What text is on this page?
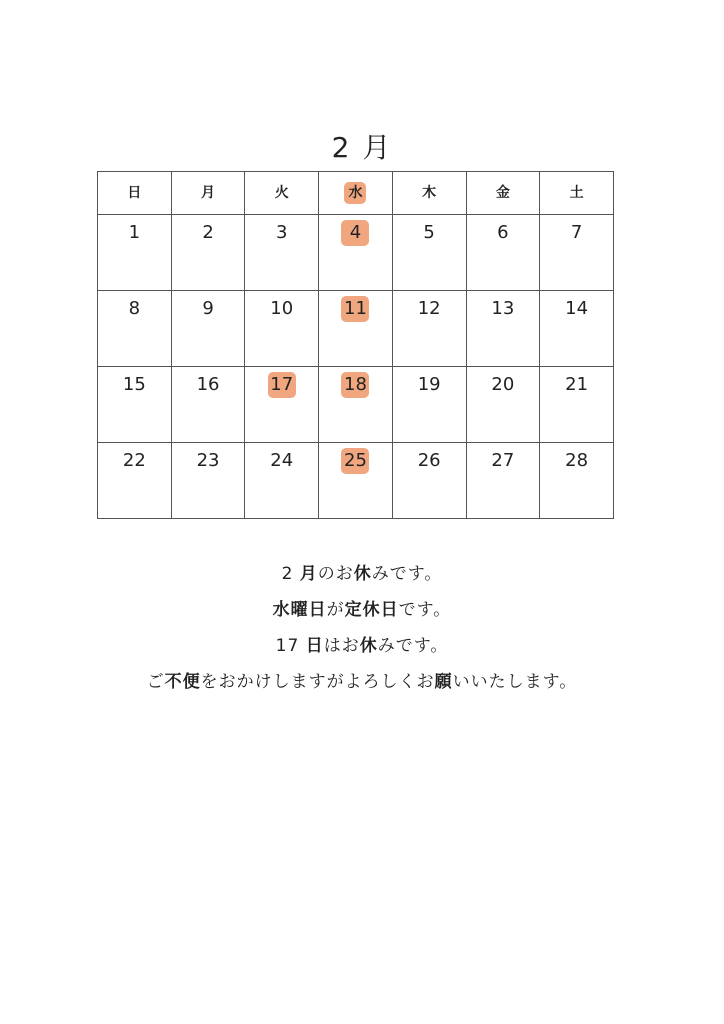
2 月
日	月	火	水	木	金	土
1	2	3	4	5	6	7
8	9	10	11	12	13	14
15	16	17	18	19	20	21
22	23	24	25	26	27	28
2 月のお休みです。
水曜日が定休日です。
17 日はお休みです。
ご不便をおかけしますがよろしくお願いいたします。
